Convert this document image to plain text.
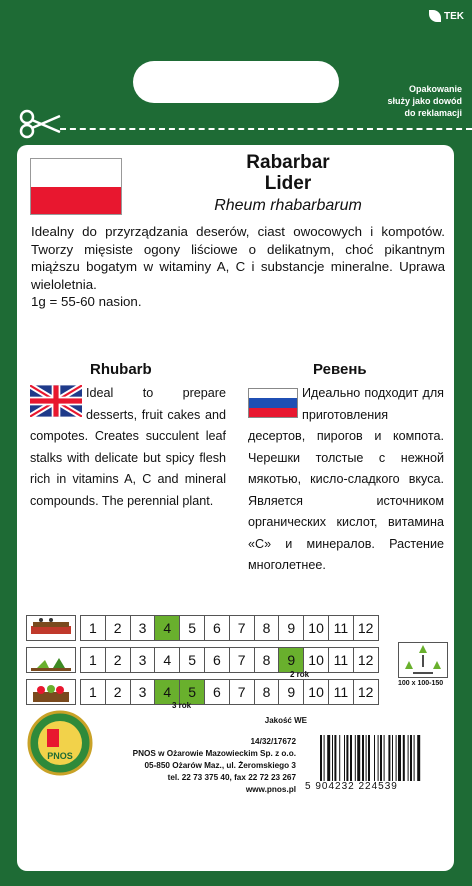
TEK
Opakowanie
służy jako dowód
do reklamacji
Rabarbar
Lider
Rheum rhabarbarum

Idealny do przyrządzania deserów, ciast owocowych i kompotów. Tworzy mięsiste ogony liściowe o delikatnym, choć pikantnym miąższu bogatym w witaminy A, C i substancje mineralne. Uprawa wieloletnia.

1g = 55-60 nasion.

Rhubarb	Ревень
Ideal to prepare desserts, fruit cakes and compotes. Creates succulent leaf stalks with delicate but spicy flesh rich in vitamins A, C and mineral compounds. The perennial plant.
Идеально подходит для приготовления десертов, пирогов и компота. Черешки толстые с нежной мякотью, кисло-сладкого вкуса. Является источником органических кислот, витамина «С» и минералов. Растение многолетнее.
1	2	3	4	5	6	7	8	9 10 11 12
1	2	3	4	5	6	7	8	9 10 11 12
2 rok
1	2	3	4	5	6	7	8	9 10 11 12
3 rok
100 x 100-150
PNOS
Jakość WE
14/32/17672
PNOS w Ożarowie Mazowieckim Sp. z o.o.
05-850 Ożarów Maz., ul. Żeromskiego 3
tel. 22 73 375 40, fax 22 72 23 267
www.pnos.pl 5 904232 224539
